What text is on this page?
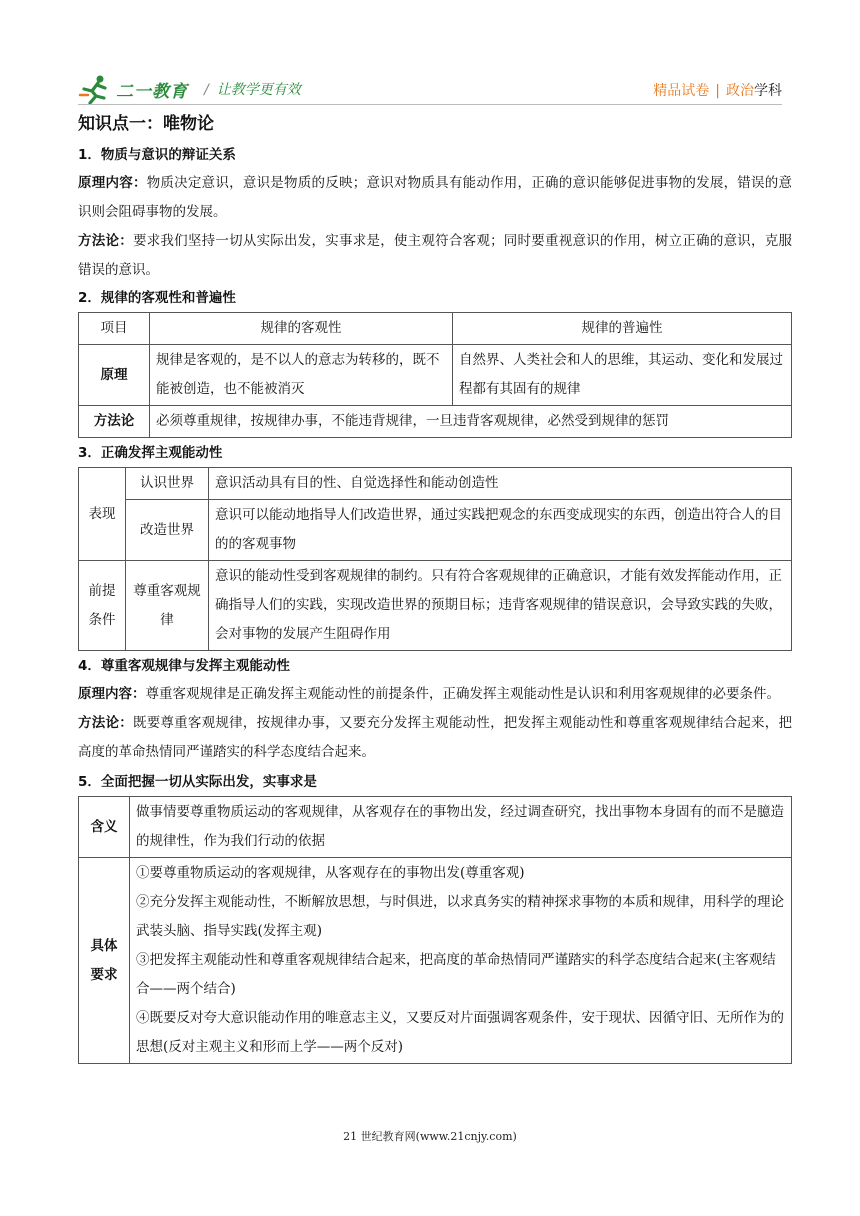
二一教育 / 让教学更有效	精品试卷 | 政治学科
知识点一：唯物论
1．物质与意识的辩证关系

原理内容：物质决定意识，意识是物质的反映；意识对物质具有能动作用，正确的意识能够促进事物的发展，错误的意识则会阻碍事物的发展。

方法论：要求我们坚持一切从实际出发，实事求是，使主观符合客观；同时要重视意识的作用，树立正确的意识，克服错误的意识。

2．规律的客观性和普遍性
项目	规律的客观性	规律的普遍性
原理	规律是客观的，是不以人的意志为转移的，既不能被创造，也不能被消灭	自然界、人类社会和人的思维，其运动、变化和发展过程都有其固有的规律
方法论	必须尊重规律，按规律办事，不能违背规律，一旦违背客观规律，必然受到规律的惩罚	
3．正确发挥主观能动性
表现	认识世界	意识活动具有目的性、自觉选择性和能动创造性
	改造世界	意识可以能动地指导人们改造世界，通过实践把观念的东西变成现实的东西，创造出符合人的目的的客观事物
前提条件	尊重客观规律	意识的能动性受到客观规律的制约。只有符合客观规律的正确意识，才能有效发挥能动作用，正确指导人们的实践，实现改造世界的预期目标；违背客观规律的错误意识，会导致实践的失败，会对事物的发展产生阻碍作用
4．尊重客观规律与发挥主观能动性

原理内容：尊重客观规律是正确发挥主观能动性的前提条件，正确发挥主观能动性是认识和利用客观规律的必要条件。

方法论：既要尊重客观规律，按规律办事，又要充分发挥主观能动性，把发挥主观能动性和尊重客观规律结合起来，把高度的革命热情同严谨踏实的科学态度结合起来。

5．全面把握一切从实际出发，实事求是
含义	做事情要尊重物质运动的客观规律，从客观存在的事物出发，经过调查研究，找出事物本身固有的而不是臆造的规律性，作为我们行动的依据
具体要求	①要尊重物质运动的客观规律，从客观存在的事物出发(尊重客观)
②充分发挥主观能动性，不断解放思想，与时俱进，以求真务实的精神探求事物的本质和规律，用科学的理论武装头脑、指导实践(发挥主观)
③把发挥主观能动性和尊重客观规律结合起来，把高度的革命热情同严谨踏实的科学态度结合起来(主客观结合——两个结合)
④既要反对夸大意识能动作用的唯意志主义，又要反对片面强调客观条件，安于现状、因循守旧、无所作为的思想(反对主观主义和形而上学——两个反对)
21 世纪教育网(www.21cnjy.com)
